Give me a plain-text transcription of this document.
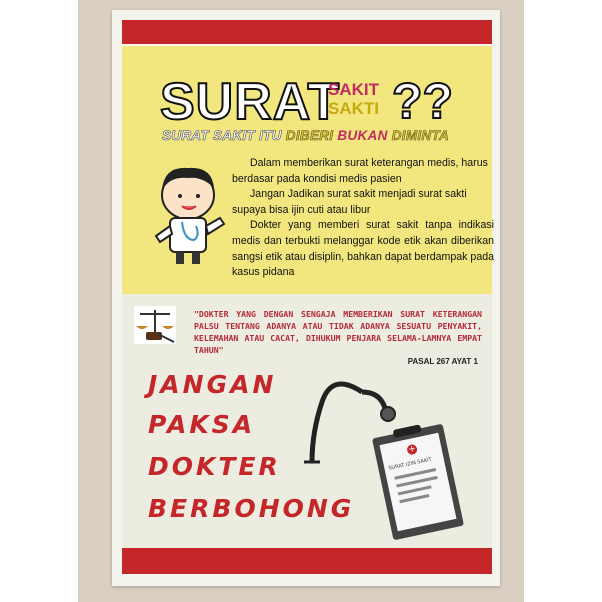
SURAT
SAKIT
SAKTI ??
SURAT SAKIT ITU DIBERI BUKAN DIMINTA

Dalam memberikan surat keterangan medis, harus berdasar pada kondisi medis pasien

Jangan Jadikan surat sakit menjadi surat sakti supaya bisa ijin cuti atau libur

Dokter yang memberi surat sakit tanpa indikasi medis dan terbukti melanggar kode etik akan diberikan sangsi etik atau disiplin, bahkan dapat berdampak pada kasus pidana

"DOKTER YANG DENGAN SENGAJA MEMBERIKAN SURAT KETERANGAN PALSU TENTANG ADANYA ATAU TIDAK ADANYA SESUATU PENYAKIT, KELEMAHAN ATAU CACAT, DIHUKUM PENJARA SELAMA-LAMNYA EMPAT TAHUN"
PASAL 267 AYAT 1
JANGAN
PAKSA
DOKTER
BERBOHONG
+
SURAT IZIN SAKIT
